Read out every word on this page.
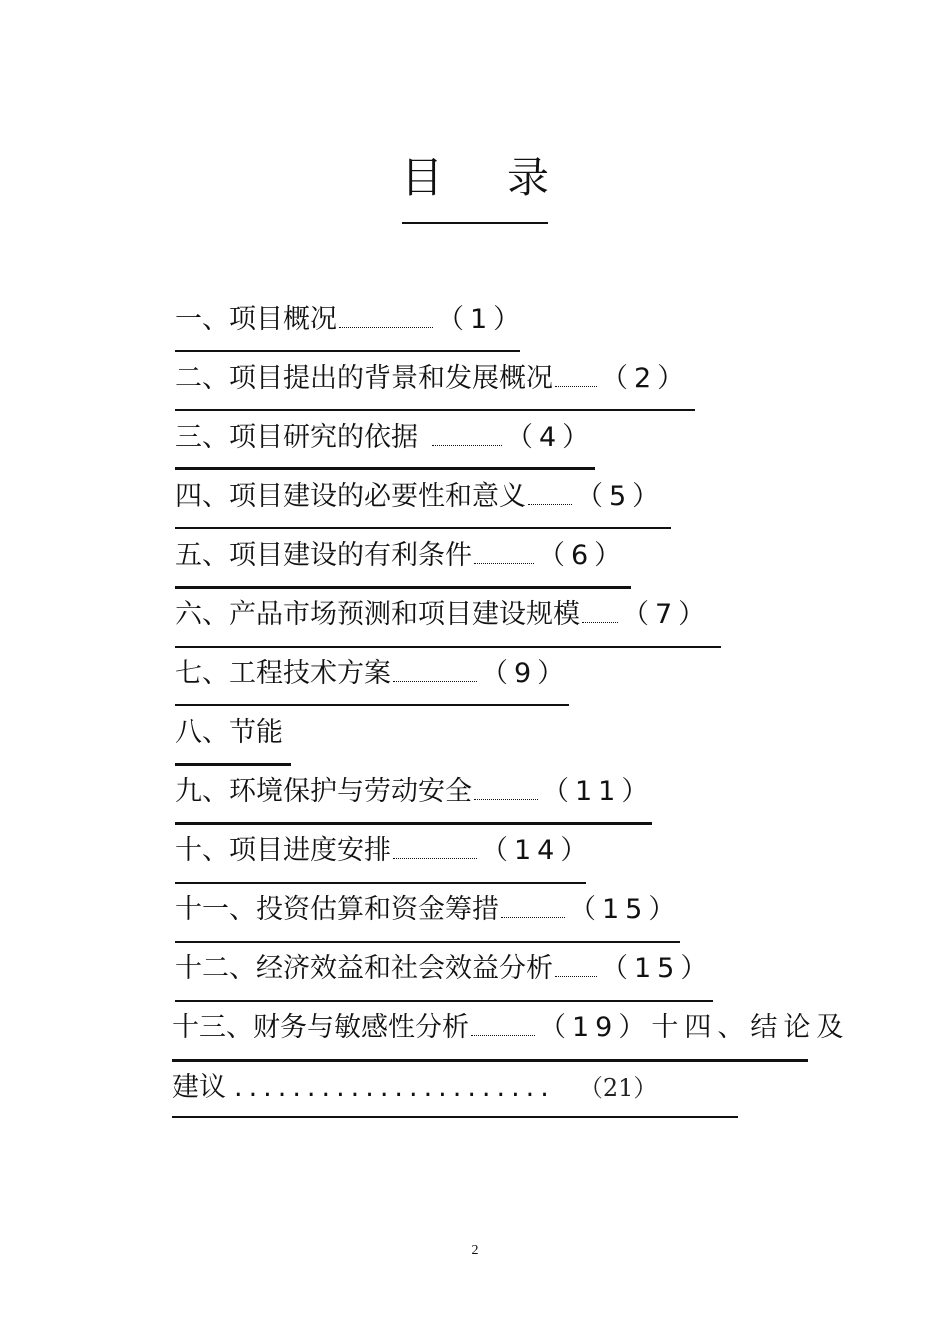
目录
一、项目概况	（1）
二、项目提出的背景和发展概况 （2）
三、项目研究的依据	（4）
四、项目建设的必要性和意义 （5）
五、项目建设的有利条件 （6）
六、产品市场预测和项目建设规模 （7）
七、工程技术方案	（9）
八、节能
九、环境保护与劳动安全	（11）
十、项目进度安排	（14）
十一、投资估算和资金筹措	（15）
十二、经济效益和社会效益分析 （15）
十三、财务与敏感性分析	（19）十四、结论及
建议 ...................... （21）
2
